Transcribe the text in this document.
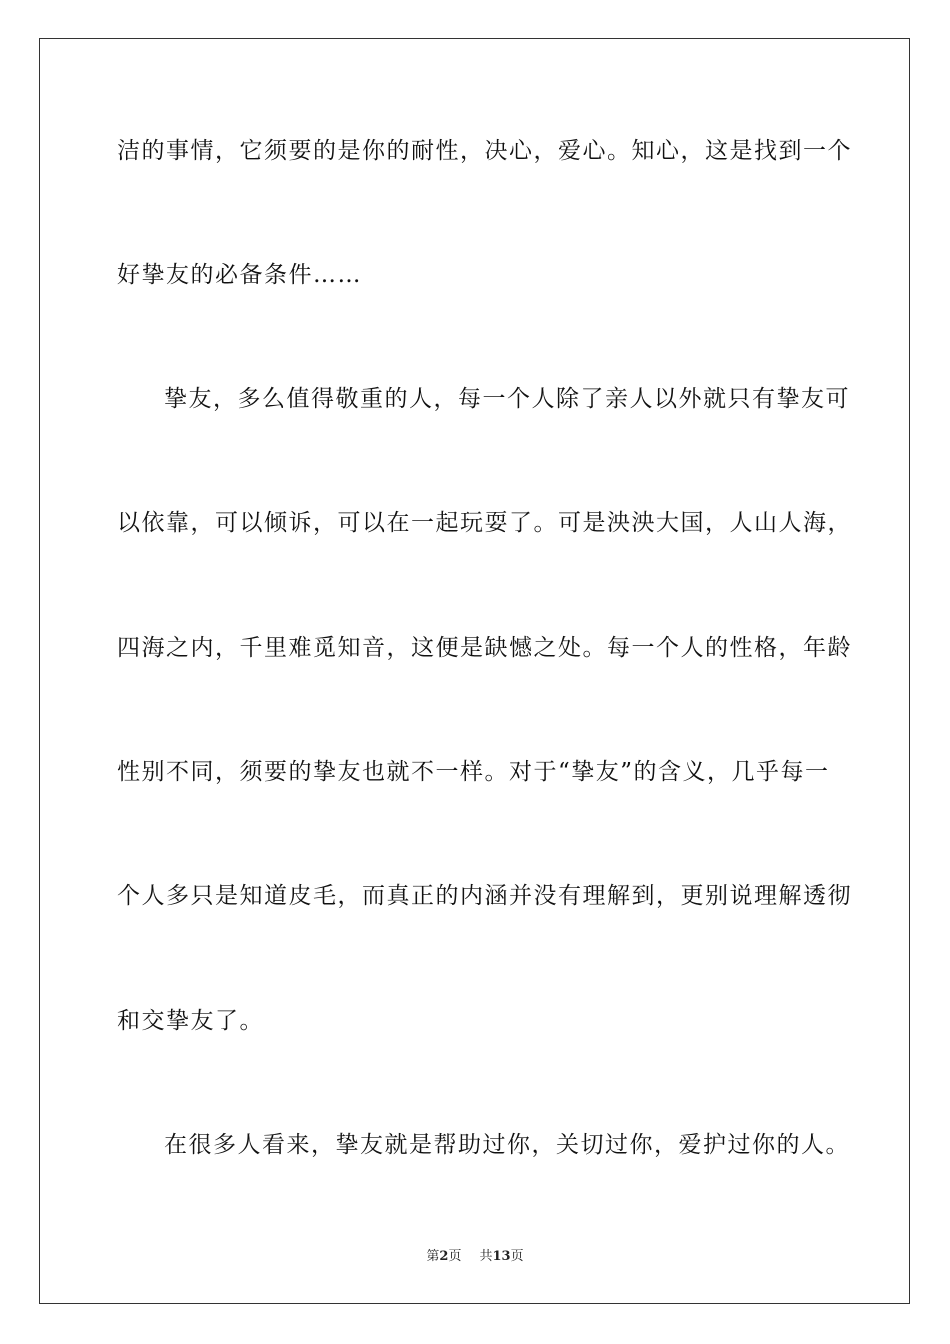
洁的事情，它须要的是你的耐性，决心，爱心。知心，这是找到一个
好挚友的必备条件……
挚友，多么值得敬重的人，每一个人除了亲人以外就只有挚友可
以依靠，可以倾诉，可以在一起玩耍了。可是泱泱大国，人山人海，
四海之内，千里难觅知音，这便是缺憾之处。每一个人的性格，年龄
性别不同，须要的挚友也就不一样。对于“挚友”的含义，几乎每一
个人多只是知道皮毛，而真正的内涵并没有理解到，更别说理解透彻
和交挚友了。
在很多人看来，挚友就是帮助过你，关切过你，爱护过你的人。
第2页 共13页
